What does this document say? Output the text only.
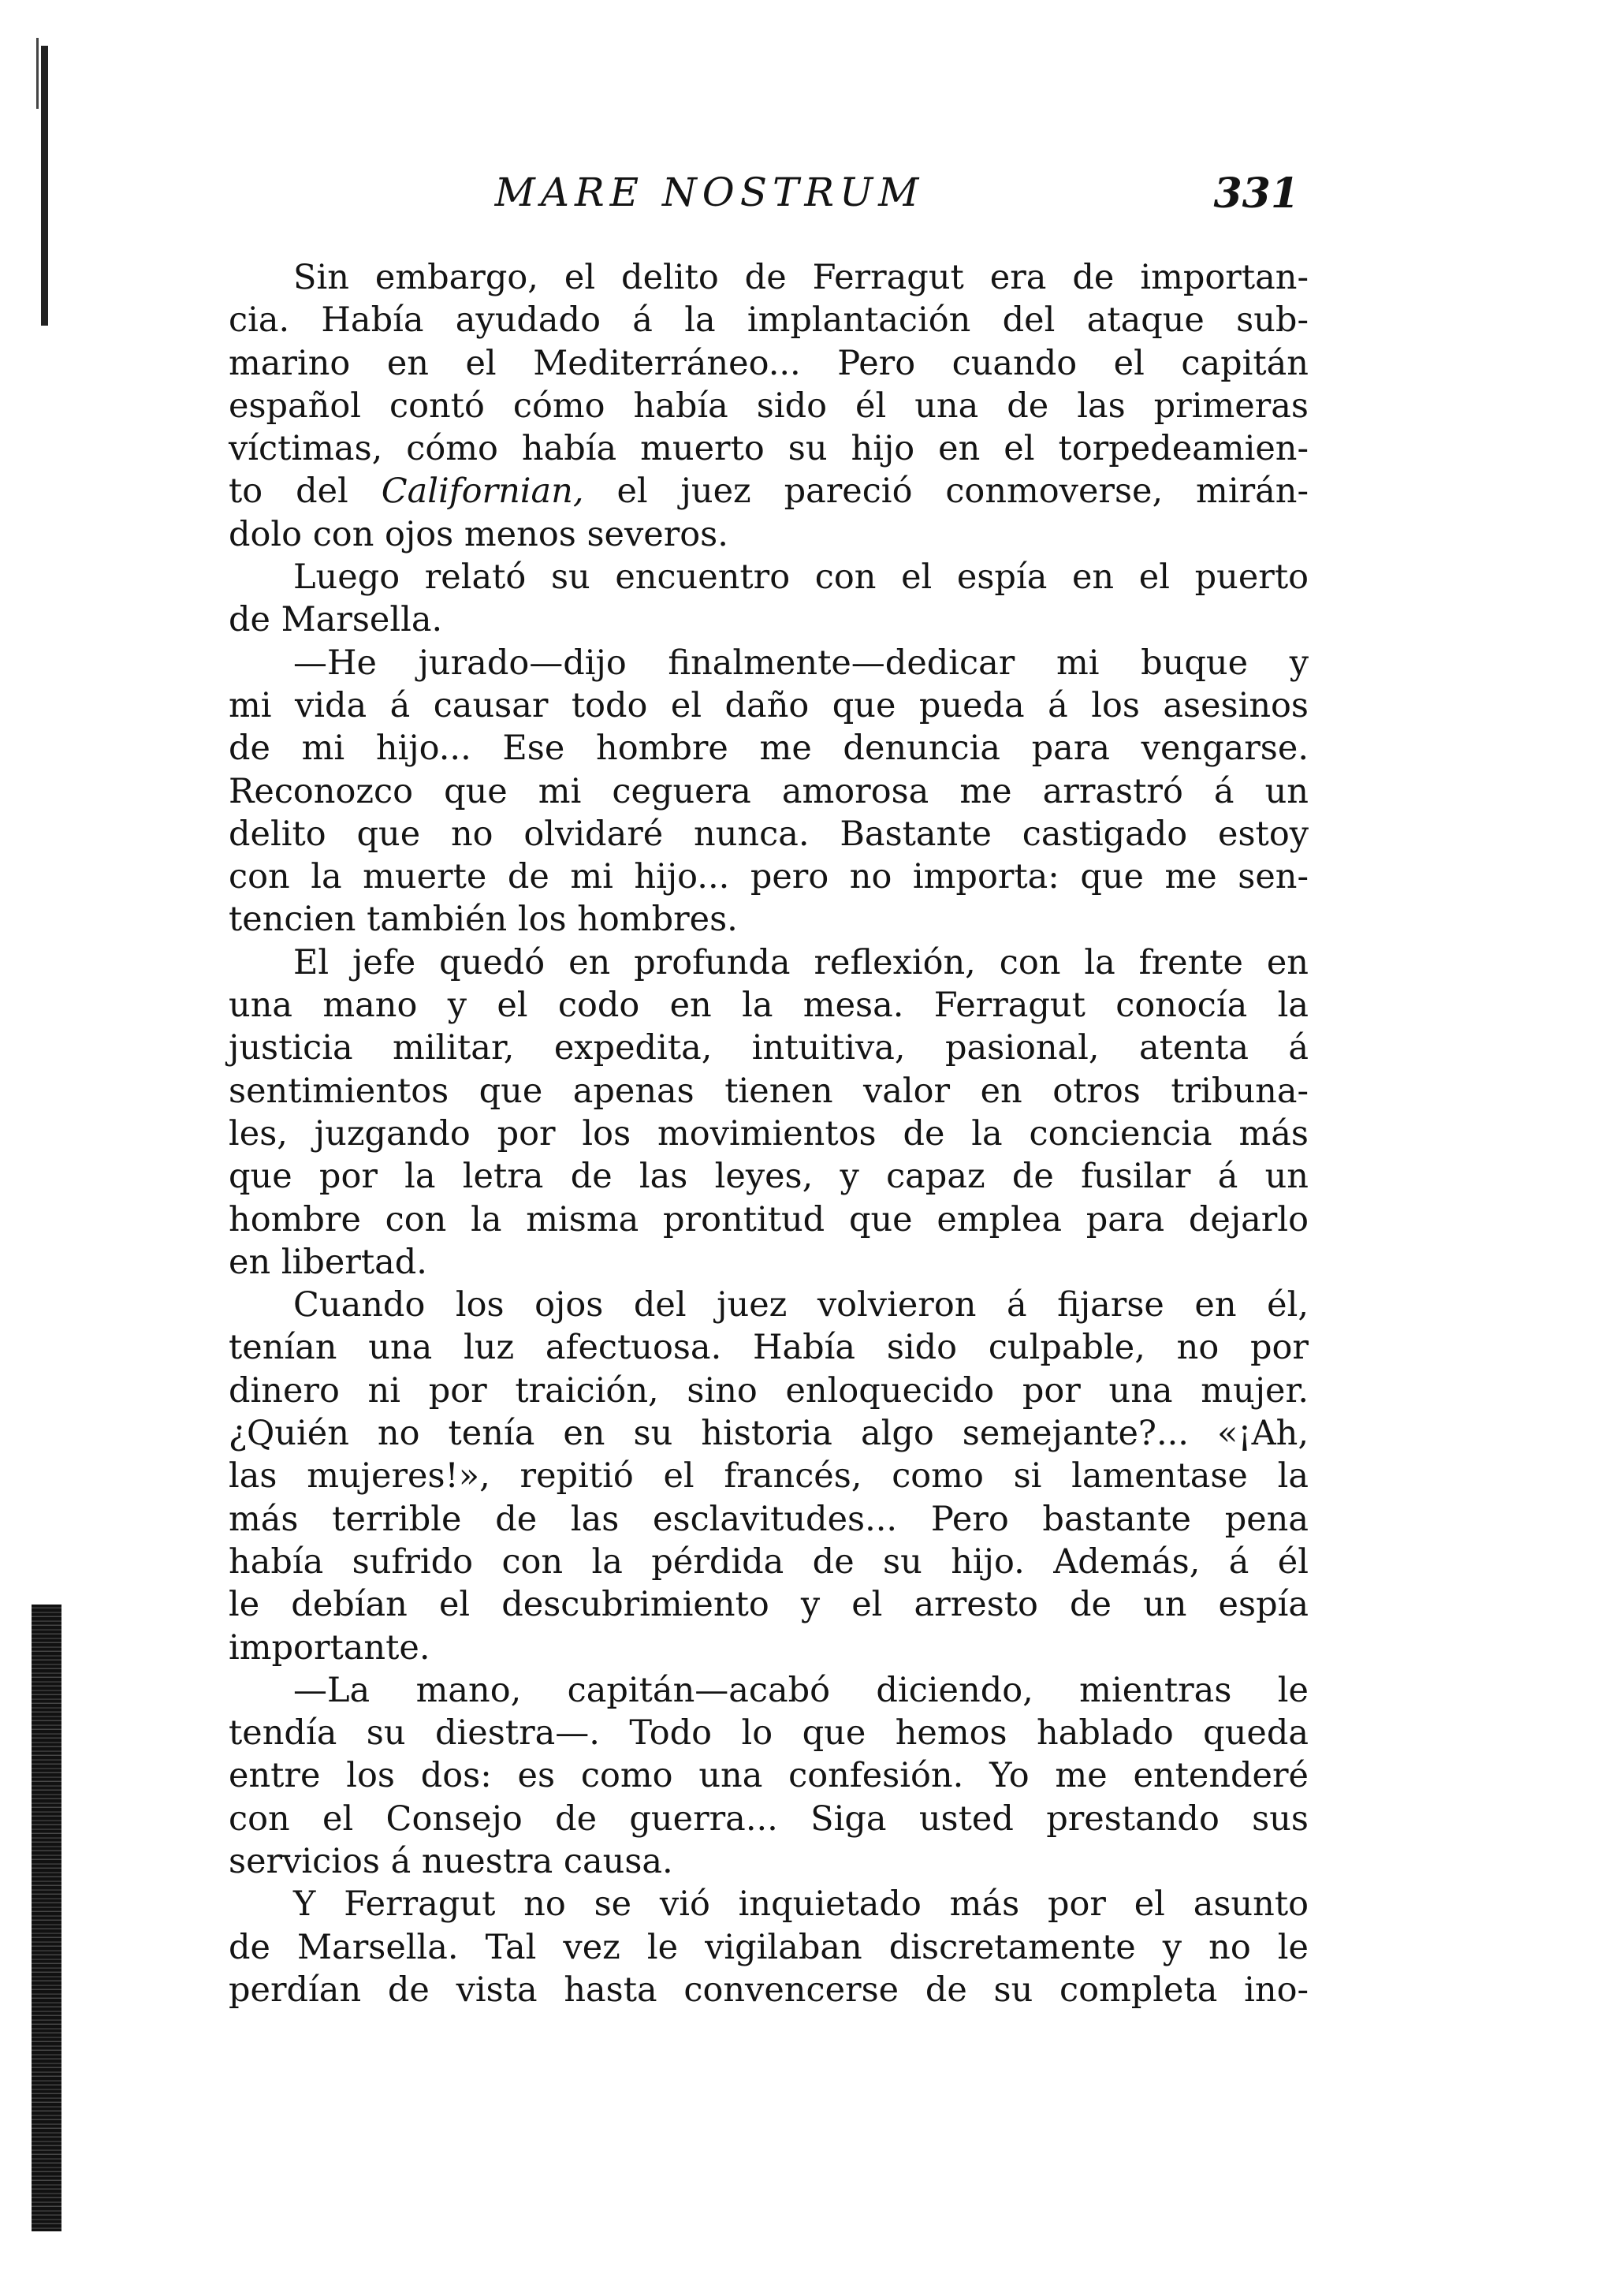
MARE NOSTRUM	331
Sin embargo, el delito de Ferragut era de importan-
cia. Había ayudado á la implantación del ataque sub-
marino en el Mediterráneo... Pero cuando el capitán
español contó cómo había sido él una de las primeras
víctimas, cómo había muerto su hijo en el torpedeamien-
to del Californian, el juez pareció conmoverse, mirán-
dolo con ojos menos severos.
Luego relató su encuentro con el espía en el puerto
de Marsella.
—He jurado—dijo finalmente—dedicar mi buque y
mi vida á causar todo el daño que pueda á los asesinos
de mi hijo... Ese hombre me denuncia para vengarse.
Reconozco que mi ceguera amorosa me arrastró á un
delito que no olvidaré nunca. Bastante castigado estoy
con la muerte de mi hijo... pero no importa: que me sen-
tencien también los hombres.
El jefe quedó en profunda reflexión, con la frente en
una mano y el codo en la mesa. Ferragut conocía la
justicia militar, expedita, intuitiva, pasional, atenta á
sentimientos que apenas tienen valor en otros tribuna-
les, juzgando por los movimientos de la conciencia más
que por la letra de las leyes, y capaz de fusilar á un
hombre con la misma prontitud que emplea para dejarlo
en libertad.
Cuando los ojos del juez volvieron á fijarse en él,
tenían una luz afectuosa. Había sido culpable, no por
dinero ni por traición, sino enloquecido por una mujer.
¿Quién no tenía en su historia algo semejante?... «¡Ah,
las mujeres!», repitió el francés, como si lamentase la
más terrible de las esclavitudes... Pero bastante pena
había sufrido con la pérdida de su hijo. Además, á él
le debían el descubrimiento y el arresto de un espía
importante.
—La mano, capitán—acabó diciendo, mientras le
tendía su diestra—. Todo lo que hemos hablado queda
entre los dos: es como una confesión. Yo me entenderé
con el Consejo de guerra... Siga usted prestando sus
servicios á nuestra causa.
Y Ferragut no se vió inquietado más por el asunto
de Marsella. Tal vez le vigilaban discretamente y no le
perdían de vista hasta convencerse de su completa ino-
